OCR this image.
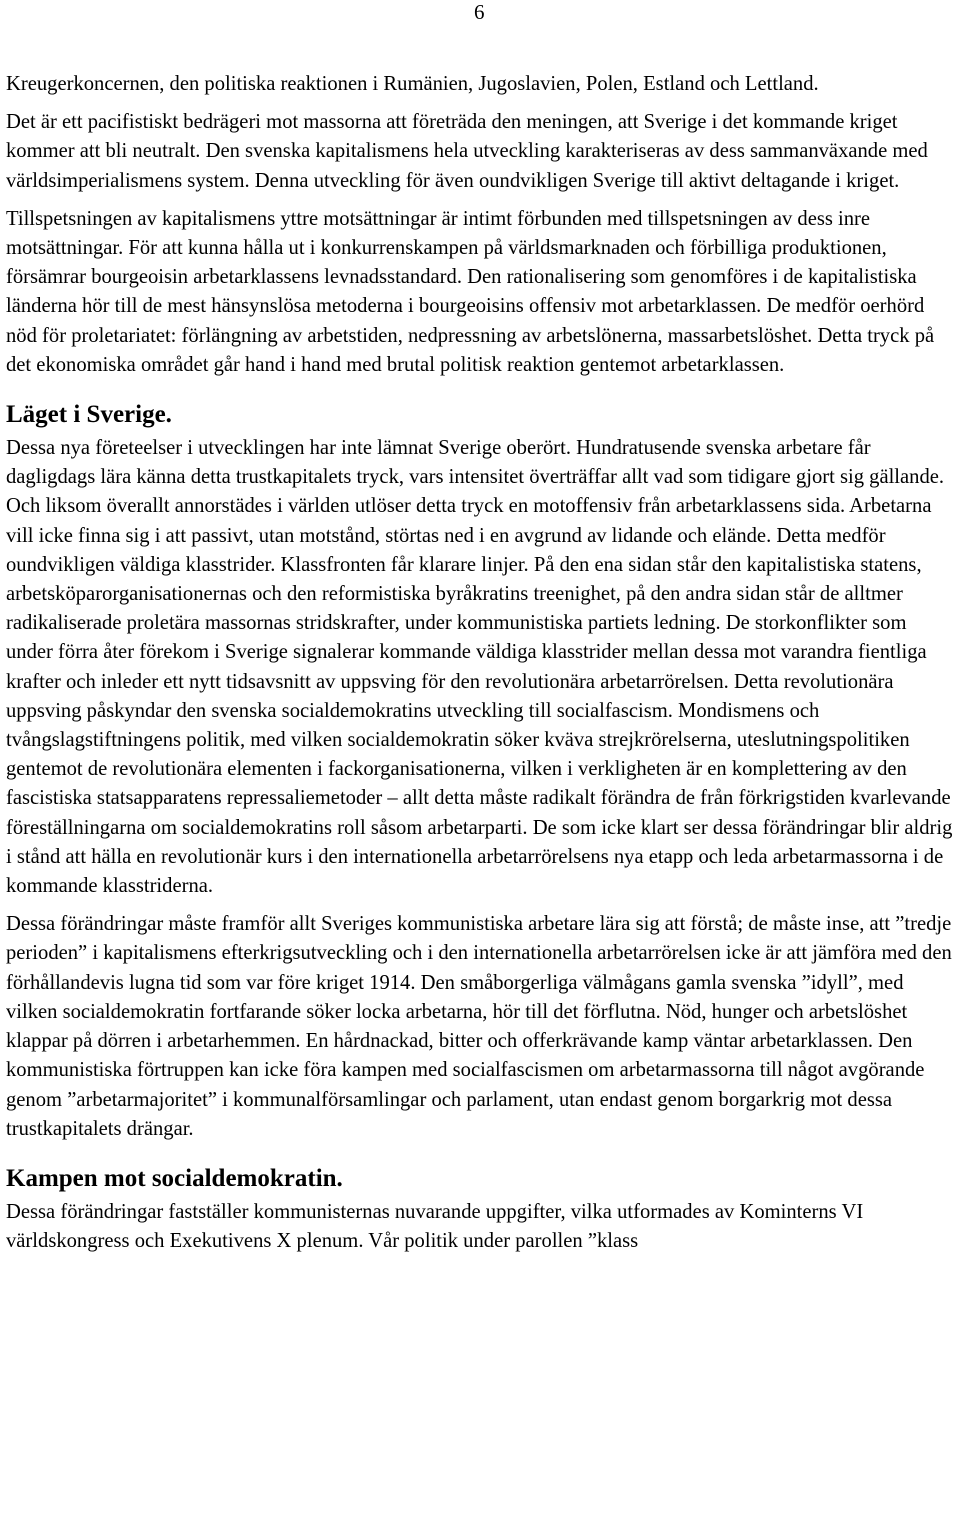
6

Kreugerkoncernen, den politiska reaktionen i Rumänien, Jugoslavien, Polen, Estland och Lettland.

Det är ett pacifistiskt bedrägeri mot massorna att företräda den meningen, att Sverige i det kommande kriget kommer att bli neutralt. Den svenska kapitalismens hela utveckling karakteriseras av dess sammanväxande med världsimperialismens system. Denna utveckling för även oundvikligen Sverige till aktivt deltagande i kriget.

Tillspetsningen av kapitalismens yttre motsättningar är intimt förbunden med tillspetsningen av dess inre motsättningar. För att kunna hålla ut i konkurrenskampen på världsmarknaden och förbilliga produktionen, försämrar bourgeoisin arbetarklassens levnadsstandard. Den rationalisering som genomföres i de kapitalistiska länderna hör till de mest hänsynslösa metoderna i bourgeoisins offensiv mot arbetarklassen. De medför oerhörd nöd för proletariatet: förlängning av arbetstiden, nedpressning av arbetslönerna, massarbetslöshet. Detta tryck på det ekonomiska området går hand i hand med brutal politisk reaktion gentemot arbetarklassen.

Läget i Sverige.

Dessa nya företeelser i utvecklingen har inte lämnat Sverige oberört. Hundratusende svenska arbetare får dagligdags lära känna detta trustkapitalets tryck, vars intensitet överträffar allt vad som tidigare gjort sig gällande. Och liksom överallt annorstädes i världen utlöser detta tryck en motoffensiv från arbetarklassens sida. Arbetarna vill icke finna sig i att passivt, utan motstånd, störtas ned i en avgrund av lidande och elände. Detta medför oundvikligen väldiga klasstrider. Klassfronten får klarare linjer. På den ena sidan står den kapitalistiska statens, arbetsköparorganisationernas och den reformistiska byråkratins treenighet, på den andra sidan står de alltmer radikaliserade proletära massornas stridskrafter, under kommunistiska partiets ledning. De storkonflikter som under förra åter förekom i Sverige signalerar kommande väldiga klasstrider mellan dessa mot varandra fientliga krafter och inleder ett nytt tidsavsnitt av uppsving för den revolutionära arbetarrörelsen. Detta revolutionära uppsving påskyndar den svenska socialdemokratins utveckling till socialfascism. Mondismens och tvångslagstiftningens politik, med vilken socialdemokratin söker kväva strejkrörelserna, uteslutningspolitiken gentemot de revolutionära elementen i fackorganisationerna, vilken i verkligheten är en komplettering av den fascistiska statsapparatens repressaliemetoder – allt detta måste radikalt förändra de från förkrigstiden kvarlevande föreställningarna om socialdemokratins roll såsom arbetarparti. De som icke klart ser dessa förändringar blir aldrig i stånd att hälla en revolutionär kurs i den internationella arbetarrörelsens nya etapp och leda arbetarmassorna i de kommande klasstriderna.

Dessa förändringar måste framför allt Sveriges kommunistiska arbetare lära sig att förstå; de måste inse, att ”tredje perioden” i kapitalismens efterkrigsutveckling och i den internationella arbetarrörelsen icke är att jämföra med den förhållandevis lugna tid som var före kriget 1914. Den småborgerliga välmågans gamla svenska ”idyll”, med vilken socialdemokratin fortfarande söker locka arbetarna, hör till det förflutna. Nöd, hunger och arbetslöshet klappar på dörren i arbetarhemmen. En hårdnackad, bitter och offerkrävande kamp väntar arbetarklassen. Den kommunistiska förtruppen kan icke föra kampen med socialfascismen om arbetarmassorna till något avgörande genom ”arbetarmajoritet” i kommunalförsamlingar och parlament, utan endast genom borgarkrig mot dessa trustkapitalets drängar.

Kampen mot socialdemokratin.

Dessa förändringar fastställer kommunisternas nuvarande uppgifter, vilka utformades av Kominterns VI världskongress och Exekutivens X plenum. Vår politik under parollen ”klass
